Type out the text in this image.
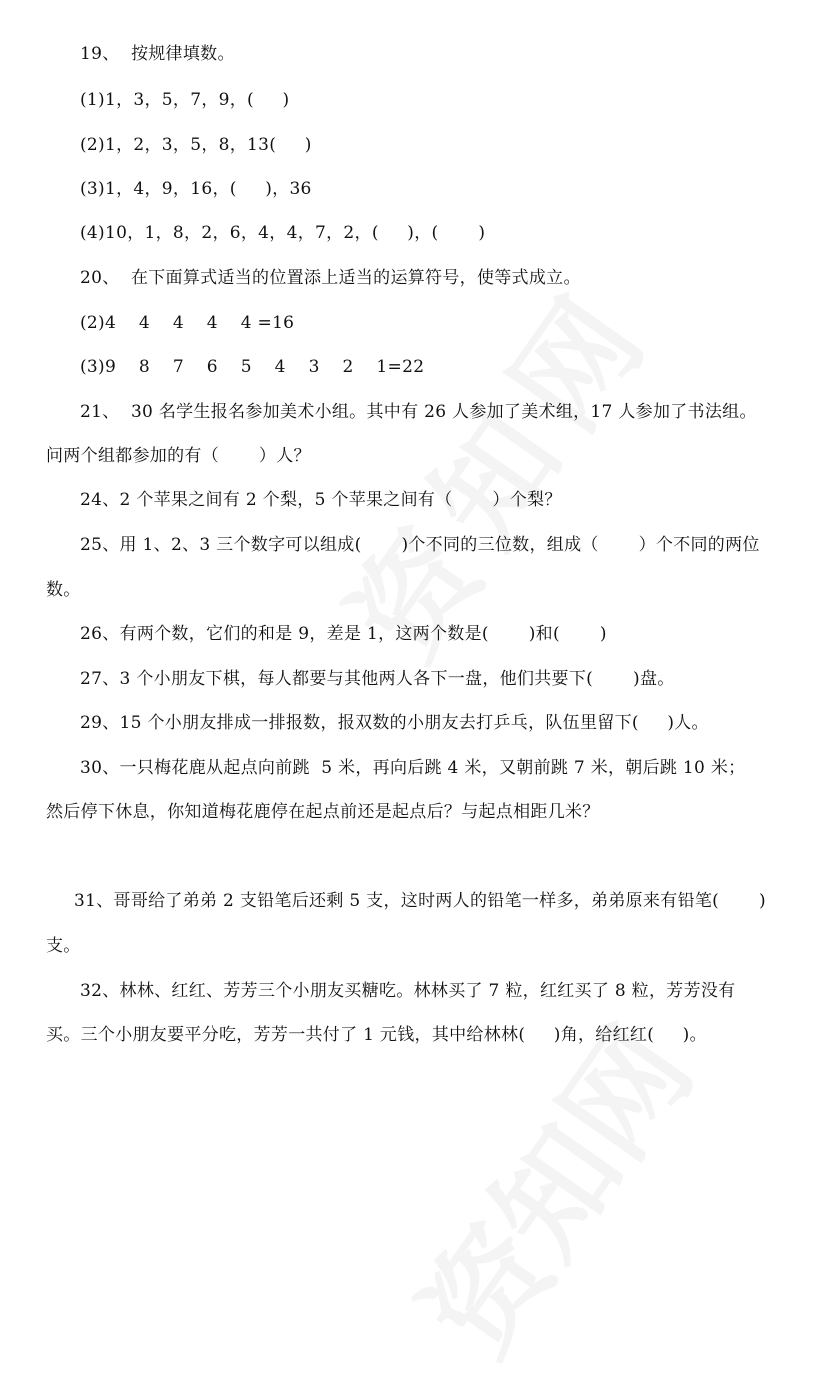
19、  按规律填数。
(1)1，3，5，7，9，(     )
(2)1，2，3，5，8，13(     )
(3)1，4，9，16，(     )，36
(4)10，1，8，2，6，4，4，7，2，(     )，(       )
20、  在下面算式适当的位置添上适当的运算符号，使等式成立。
(2)4    4    4    4    4 =16
(3)9    8    7    6    5    4    3    2    1=22
21、  30 名学生报名参加美术小组。其中有 26 人参加了美术组，17 人参加了书法组。
问两个组都参加的有（       ）人？
24、2 个苹果之间有 2 个梨，5 个苹果之间有（       ）个梨？
25、用 1、2、3 三个数字可以组成(       )个不同的三位数，组成（       ）个不同的两位
数。
26、有两个数，它们的和是 9，差是 1，这两个数是(       )和(       )
27、3 个小朋友下棋，每人都要与其他两人各下一盘，他们共要下(       )盘。
29、15 个小朋友排成一排报数，报双数的小朋友去打乒乓，队伍里留下(     )人。
30、一只梅花鹿从起点向前跳  5 米，再向后跳 4 米，又朝前跳 7 米，朝后跳 10 米；
然后停下休息，你知道梅花鹿停在起点前还是起点后？与起点相距几米？
31、哥哥给了弟弟 2 支铅笔后还剩 5 支，这时两人的铅笔一样多，弟弟原来有铅笔(       )
支。
32、林林、红红、芳芳三个小朋友买糖吃。林林买了 7 粒，红红买了 8 粒，芳芳没有
买。三个小朋友要平分吃，芳芳一共付了 1 元钱，其中给林林(     )角，给红红(     )。
